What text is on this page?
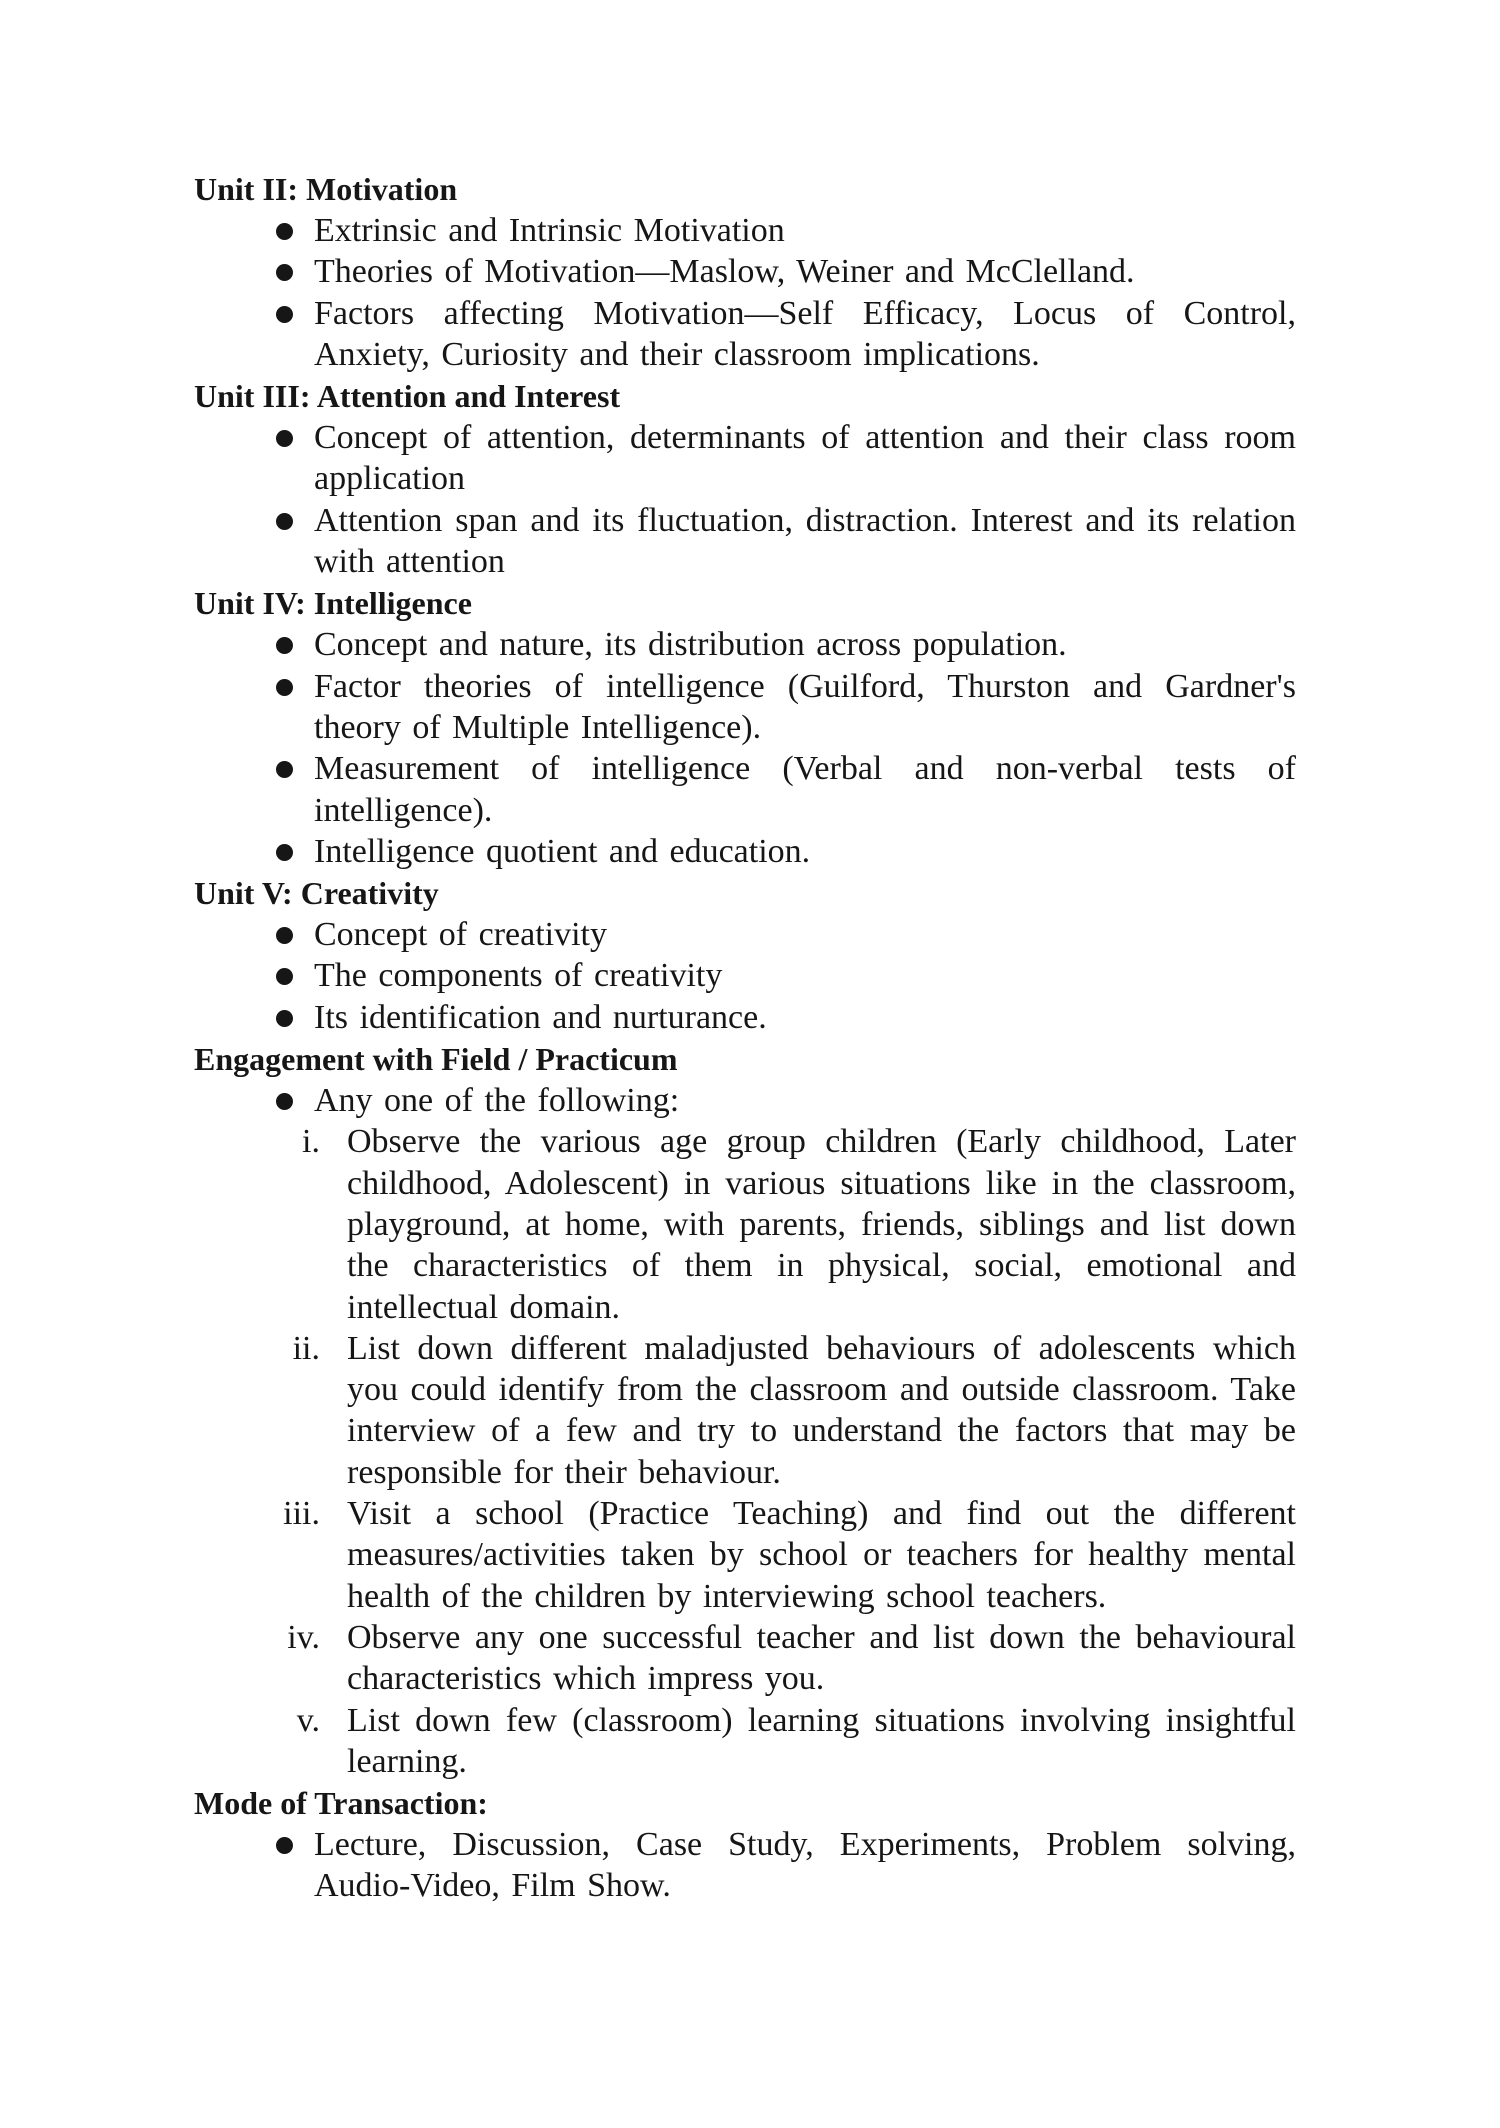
Unit II: Motivation
Extrinsic and Intrinsic Motivation
Theories of Motivation—Maslow, Weiner and McClelland.
Factors affecting Motivation—Self Efficacy, Locus of Control, Anxiety, Curiosity and their classroom implications.
Unit III: Attention and Interest
Concept of attention, determinants of attention and their class room application
Attention span and its fluctuation, distraction. Interest and its relation with attention
Unit IV: Intelligence
Concept and nature, its distribution across population.
Factor theories of intelligence (Guilford, Thurston and Gardner's theory of Multiple Intelligence).
Measurement of intelligence (Verbal and non-verbal tests of intelligence).
Intelligence quotient and education.
Unit V: Creativity
Concept of creativity
The components of creativity
Its identification and nurturance.
Engagement with Field / Practicum
Any one of the following:
i. Observe the various age group children (Early childhood, Later childhood, Adolescent) in various situations like in the classroom, playground, at home, with parents, friends, siblings and list down the characteristics of them in physical, social, emotional and intellectual domain.
ii. List down different maladjusted behaviours of adolescents which you could identify from the classroom and outside classroom. Take interview of a few and try to understand the factors that may be responsible for their behaviour.
iii. Visit a school (Practice Teaching) and find out the different measures/activities taken by school or teachers for healthy mental health of the children by interviewing school teachers.
iv. Observe any one successful teacher and list down the behavioural characteristics which impress you.
v. List down few (classroom) learning situations involving insightful learning.
Mode of Transaction:
Lecture, Discussion, Case Study, Experiments, Problem solving, Audio-Video, Film Show.
